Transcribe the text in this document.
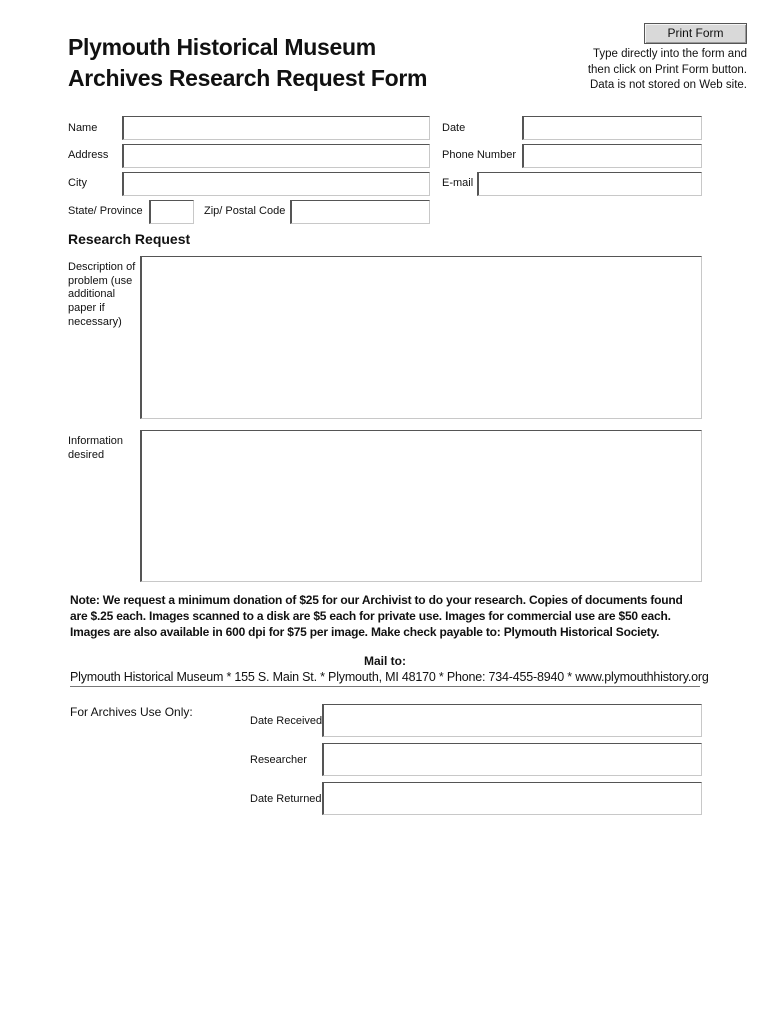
Plymouth Historical Museum
Archives Research Request Form
Print Form
Type directly into the form and
then click on Print Form button.
Data is not stored on Web site.
Name	Date
Address	Phone Number
City	E-mail
State/ Province	Zip/ Postal Code
Research Request
Description of
problem (use
additional
paper if
necessary)
Information
desired
Note: We request a minimum donation of $25 for our Archivist to do your research. Copies of documents found
are $.25 each. Images scanned to a disk are $5 each for private use. Images for commercial use are $50 each.
Images are also available in 600 dpi for $75 per image. Make check payable to: Plymouth Historical Society.
Mail to:
Plymouth Historical Museum * 155 S. Main St. * Plymouth, MI 48170 * Phone: 734-455-8940 * www.plymouthhistory.org
For Archives Use Only:
Date Received
Researcher
Date Returned
